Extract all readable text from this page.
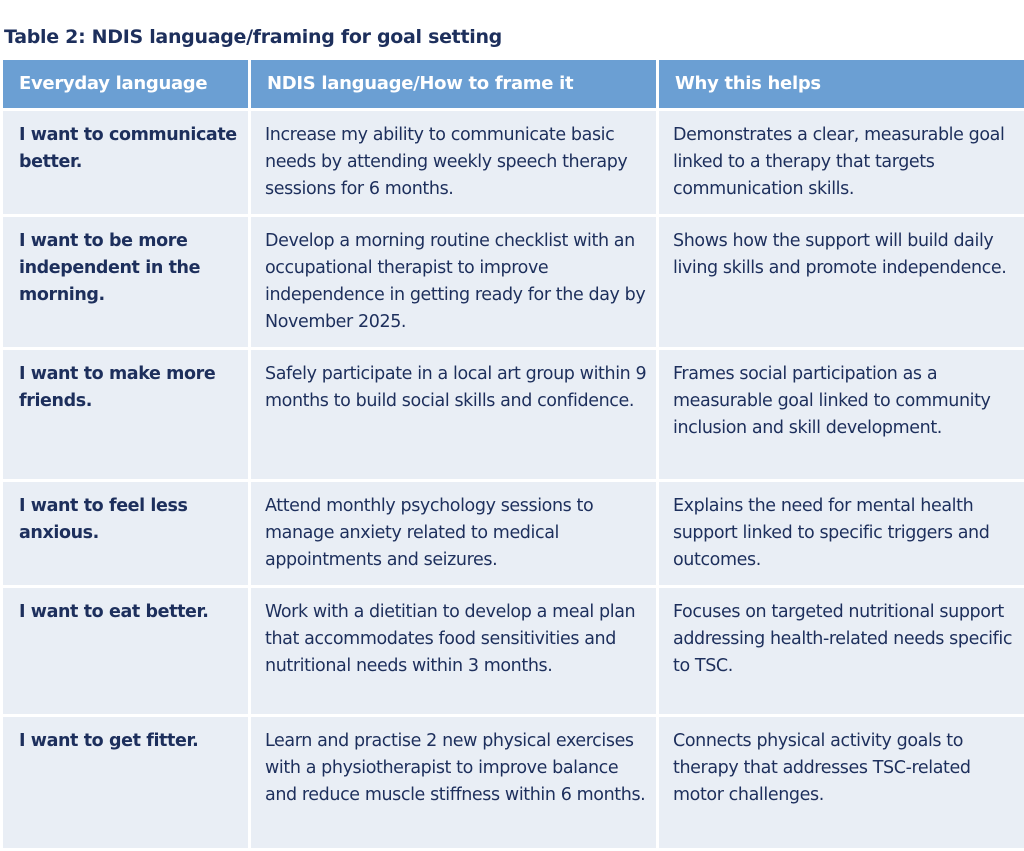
Table 2: NDIS language/framing for goal setting
Everyday language	NDIS language/How to frame it	Why this helps
I want to communicate better.	Increase my ability to communicate basic needs by attending weekly speech therapy sessions for 6 months.	Demonstrates a clear, measurable goal linked to a therapy that targets communication skills.
I want to be more independent in the morning.	Develop a morning routine checklist with an occupational therapist to improve independence in getting ready for the day by November 2025.	Shows how the support will build daily living skills and promote independence.
I want to make more friends.	Safely participate in a local art group within 9 months to build social skills and confidence.	Frames social participation as a measurable goal linked to community inclusion and skill development.
I want to feel less anxious.	Attend monthly psychology sessions to manage anxiety related to medical appointments and seizures.	Explains the need for mental health support linked to specific triggers and outcomes.
I want to eat better.	Work with a dietitian to develop a meal plan that accommodates food sensitivities and nutritional needs within 3 months.	Focuses on targeted nutritional support addressing health-related needs specific to TSC.
I want to get fitter.	Learn and practise 2 new physical exercises with a physiotherapist to improve balance and reduce muscle stiffness within 6 months.	Connects physical activity goals to therapy that addresses TSC-related motor challenges.
